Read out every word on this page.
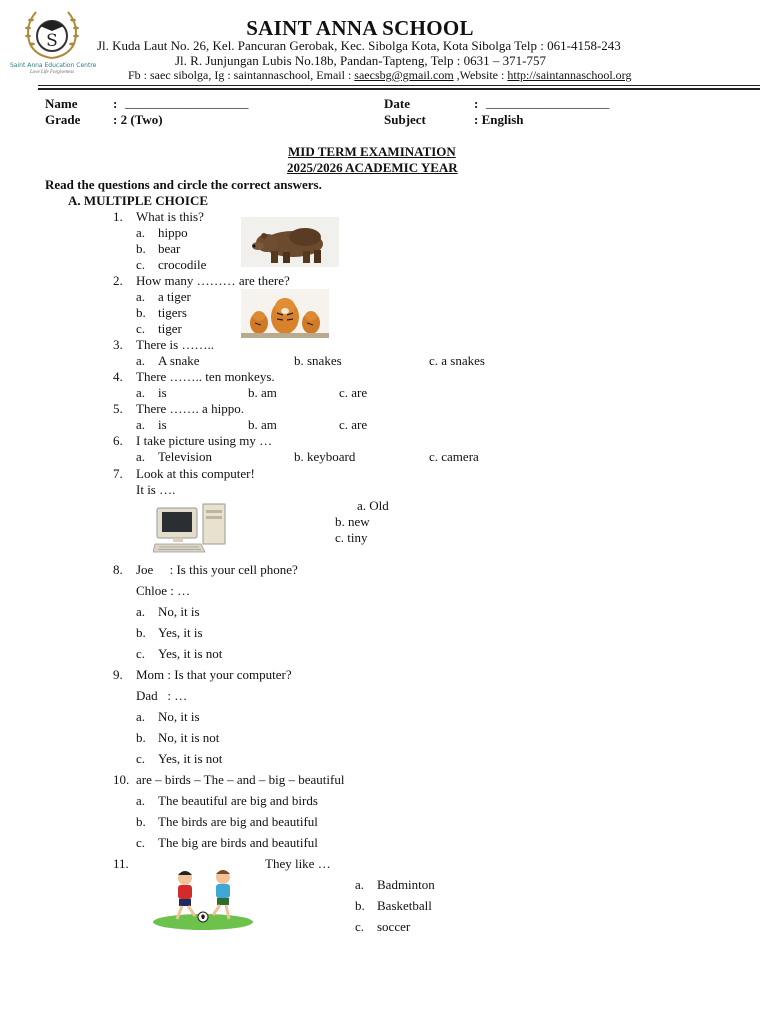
S
Saint Anna Education Centre
Love Life Forgiveness
SAINT ANNA SCHOOL
Jl. Kuda Laut No. 26, Kel. Pancuran Gerobak, Kec. Sibolga Kota, Kota Sibolga Telp : 061-4158-243
Jl. R. Junjungan Lubis No.18b, Pandan-Tapteng, Telp : 0631 – 371-757
Fb : saec sibolga, Ig : saintannaschool, Email : saecsbg@gmail.com ,Website : http://saintannaschool.org
Name	: ___________________	Date	: ___________________
Grade	: 2 (Two)	Subject	: English
MID TERM EXAMINATION
2025/2026 ACADEMIC YEAR
Read the questions and circle the correct answers.
A. MULTIPLE CHOICE
1. What is this?
a. hippo
b. bear
c. crocodile
2. How many ……… are there?
a. a tiger
b. tigers
c. tiger
3. There is ……..
a. A snake	b. snakes	c. a snakes
4. There …….. ten monkeys.
a. is	b. am	c. are
5. There ……. a hippo.
a. is	b. am	c. are
6. I take picture using my …
a. Television	b. keyboard	c. camera
7. Look at this computer!
It is ….
a. Old
b. new
c. tiny
8. Joe     : Is this your cell phone?
Chloe : …
a. No, it is
b. Yes, it is
c. Yes, it is not
9. Mom : Is that your computer?
Dad   : …
a. No, it is
b. No, it is not
c. Yes, it is not
10. are – birds – The – and – big – beautiful
a. The beautiful are big and birds
b. The birds are big and beautiful
c. The big are birds and beautiful
11.	They like …
a. Badminton
b. Basketball
c. soccer
